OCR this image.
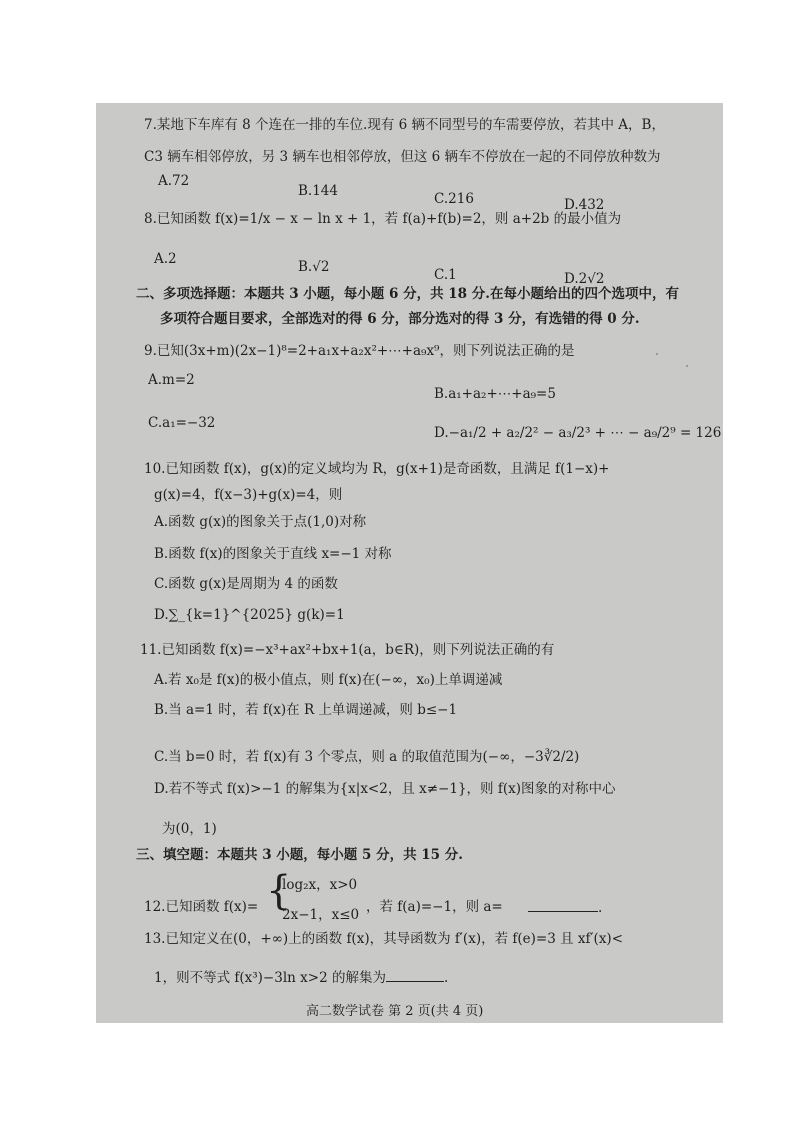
7.某地下车库有 8 个连在一排的车位.现有 6 辆不同型号的车需要停放，若其中 A，B，
C3 辆车相邻停放，另 3 辆车也相邻停放，但这 6 辆车不停放在一起的不同停放种数为
A.72
B.144	C.216	D.432
8.已知函数 f(x)=1/x − x − ln x + 1，若 f(a)+f(b)=2，则 a+2b 的最小值为
A.2	B.√2	C.1	D.2√2
二、多项选择题：本题共 3 小题，每小题 6 分，共 18 分.在每小题给出的四个选项中，有
多项符合题目要求，全部选对的得 6 分，部分选对的得 3 分，有选错的得 0 分.
9.已知(3x+m)(2x−1)⁸=2+a₁x+a₂x²+⋯+a₉x⁹，则下列说法正确的是
A.m=2
B.a₁+a₂+⋯+a₉=5
C.a₁=−32
D.−a₁/2 + a₂/2² − a₃/2³ + ⋯ − a₉/2⁹ = 126
10.已知函数 f(x)，g(x)的定义域均为 R，g(x+1)是奇函数，且满足 f(1−x)+
g(x)=4，f(x−3)+g(x)=4，则
A.函数 g(x)的图象关于点(1,0)对称
B.函数 f(x)的图象关于直线 x=−1 对称
C.函数 g(x)是周期为 4 的函数
D.∑_{k=1}^{2025} g(k)=1
11.已知函数 f(x)=−x³+ax²+bx+1(a，b∈R)，则下列说法正确的有
A.若 x₀是 f(x)的极小值点，则 f(x)在(−∞，x₀)上单调递减
B.当 a=1 时，若 f(x)在 R 上单调递减，则 b≤−1
C.当 b=0 时，若 f(x)有 3 个零点，则 a 的取值范围为(−∞，−3∛2/2)
D.若不等式 f(x)>−1 的解集为{x|x<2，且 x≠−1}，则 f(x)图象的对称中心
为(0，1)
三、填空题：本题共 3 小题，每小题 5 分，共 15 分.
12.已知函数 f(x)= {
log₂x，x>0
2x−1，x≤0 ，若 f(a)=−1，则 a=	.
13.已知定义在(0，+∞)上的函数 f(x)，其导函数为 f′(x)，若 f(e)=3 且 xf′(x)<
1，则不等式 f(x³)−3ln x>2 的解集为	.
高二数学试卷 第 2 页(共 4 页)
